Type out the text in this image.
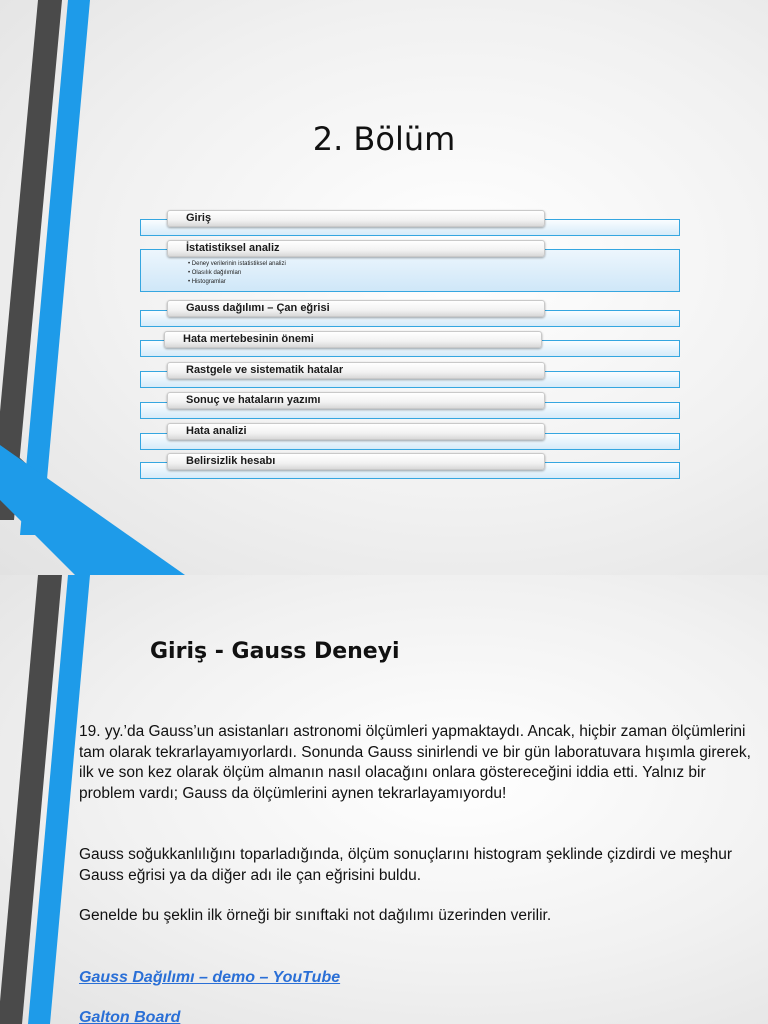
2. Bölüm
Giriş
İstatistiksel analiz
• Deney verilerinin istatistiksel analizi
• Olasılık dağılımları
• Histogramlar
Gauss dağılımı – Çan eğrisi
Hata mertebesinin önemi
Rastgele ve sistematik hatalar
Sonuç ve hataların yazımı
Hata analizi
Belirsizlik hesabı
Giriş - Gauss Deneyi

19. yy.’da Gauss’un asistanları astronomi ölçümleri yapmaktaydı. Ancak, hiçbir zaman ölçümlerini tam olarak tekrarlayamıyorlardı. Sonunda Gauss sinirlendi ve bir gün laboratuvara hışımla girerek, ilk ve son kez olarak ölçüm almanın nasıl olacağını onlara göstereceğini iddia etti. Yalnız bir problem vardı; Gauss da ölçümlerini aynen tekrarlayamıyordu!

Gauss soğukkanlılığını toparladığında, ölçüm sonuçlarını histogram şeklinde çizdirdi ve meşhur Gauss eğrisi ya da diğer adı ile çan eğrisini buldu.

Genelde bu şeklin ilk örneği bir sınıftaki not dağılımı üzerinden verilir.

Gauss Dağılımı – demo – YouTube
Galton Board
